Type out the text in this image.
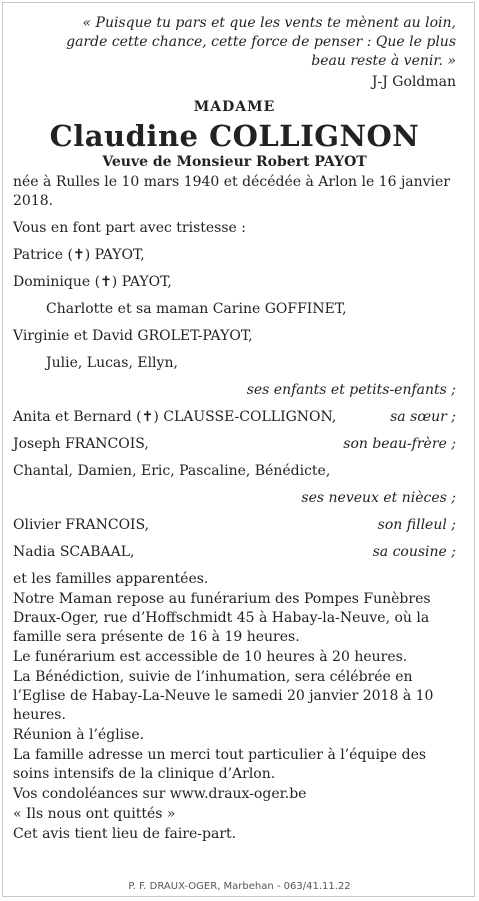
« Puisque tu pars et que les vents te mènent au loin, garde cette chance, cette force de penser : Que le plus beau reste à venir. »
J-J Goldman
MADAME
Claudine COLLIGNON
Veuve de Monsieur Robert PAYOT
née à Rulles le 10 mars 1940 et décédée à Arlon le 16 janvier 2018.
Vous en font part avec tristesse :
Patrice (✝) PAYOT,
Dominique (✝) PAYOT,
Charlotte et sa maman Carine GOFFINET,
Virginie et David GROLET-PAYOT,
Julie, Lucas, Ellyn,
ses enfants et petits-enfants ;
Anita et Bernard (✝) CLAUSSE-COLLIGNON,	sa sœur ;
Joseph FRANCOIS,	son beau-frère ;
Chantal, Damien, Eric, Pascaline, Bénédicte,
ses neveux et nièces ;
Olivier FRANCOIS,	son filleul ;
Nadia SCABAAL,	sa cousine ;
et les familles apparentées.
Notre Maman repose au funérarium des Pompes Funèbres Draux-Oger, rue d’Hoffschmidt 45 à Habay-la-Neuve, où la famille sera présente de 16 à 19 heures.
Le funérarium est accessible de 10 heures à 20 heures.
La Bénédiction, suivie de l’inhumation, sera célébrée en l’Eglise de Habay-La-Neuve le samedi 20 janvier 2018 à 10 heures.
Réunion à l’église.
La famille adresse un merci tout particulier à l’équipe des soins intensifs de la clinique d’Arlon.
Vos condoléances sur www.draux-oger.be
« Ils nous ont quittés »
Cet avis tient lieu de faire-part.
P. F. DRAUX-OGER, Marbehan - 063/41.11.22
